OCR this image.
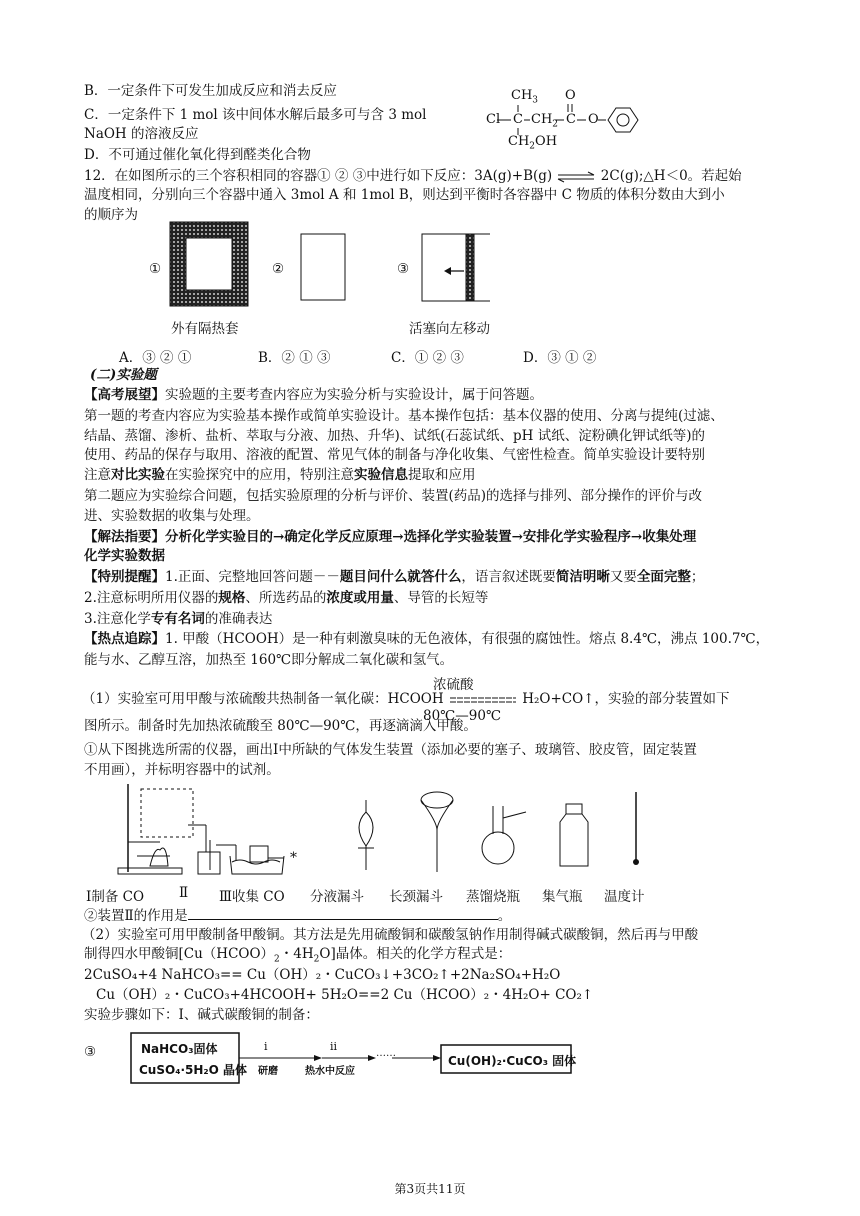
B．一定条件下可发生加成反应和消去反应
C．一定条件下 1 mol 该中间体水解后最多可与含 3 mol
NaOH 的溶液反应
D．不可通过催化氧化得到醛类化合物
$CH_3$ O
Cl C $CH_2$ C O
$CH_2OH$
12．在如图所示的三个容积相同的容器① ② ③中进行如下反应：3A(g)+B(g) ⇌ 2C(g);△H＜0。若起始
温度相同，分别向三个容器中通入 3mol A 和 1mol B，则达到平衡时各容器中 C 物质的体积分数由大到小
的顺序为
①	②	③
外有隔热套	活塞向左移动
A．③ ② ①	B．② ① ③	C．① ② ③	D．③ ① ②
(二)实验题
【高考展望】实验题的主要考查内容应为实验分析与实验设计，属于问答题。
第一题的考查内容应为实验基本操作或简单实验设计。基本操作包括：基本仪器的使用、分离与提纯(过滤、
结晶、蒸馏、渗析、盐析、萃取与分液、加热、升华)、试纸(石蕊试纸、pH 试纸、淀粉碘化钾试纸等)的
使用、药品的保存与取用、溶液的配置、常见气体的制备与净化收集、气密性检查。简单实验设计要特别
注意对比实验在实验探究中的应用，特别注意实验信息提取和应用
第二题应为实验综合问题，包括实验原理的分析与评价、装置(药品)的选择与排列、部分操作的评价与改
进、实验数据的收集与处理。
【解法指要】分析化学实验目的→确定化学反应原理→选择化学实验装置→安排化学实验程序→收集处理
化学实验数据
【特别提醒】1.正面、完整地回答问题－－题目问什么就答什么，语言叙述既要简洁明晰又要全面完整；
2.注意标明所用仪器的规格、所选药品的浓度或用量、导管的长短等
3.注意化学专有名词的准确表达
【热点追踪】1. 甲酸（HCOOH）是一种有刺激臭味的无色液体，有很强的腐蚀性。熔点 8.4℃，沸点 100.7℃，
能与水、乙醇互溶，加热至 160℃即分解成二氧化碳和氢气。
浓硫酸
（1）实验室可用甲酸与浓硫酸共热制备一氧化碳：HCOOH	H₂O+CO↑，实验的部分装置如下
80℃—90℃
图所示。制备时先加热浓硫酸至 80℃—90℃，再逐滴滴入甲酸。
①从下图挑选所需的仪器，画出Ⅰ中所缺的气体发生装置（添加必要的塞子、玻璃管、胶皮管，固定装置
不用画），并标明容器中的试剂。
*
Ⅰ制备 CO	Ⅱ Ⅲ收集 CO 分液漏斗 长颈漏斗 蒸馏烧瓶 集气瓶 温度计
②装置Ⅱ的作用是	。
（2）实验室可用甲酸制备甲酸铜。其方法是先用硫酸铜和碳酸氢钠作用制得碱式碳酸铜，然后再与甲酸
制得四水甲酸铜[$Cu(HCOO)_2$・$4H_2O$]晶体。相关的化学方程式是：
2CuSO₄+4 NaHCO₃== Cu（OH）₂・CuCO₃↓+3CO₂↑+2Na₂SO₄+H₂O
Cu（OH）₂・CuCO₃+4HCOOH+ 5H₂O==2 Cu（HCOO）₂・4H₂O+ CO₂↑
实验步骤如下：Ⅰ、碱式碳酸铜的制备：
③	NaHCO₃固体
CuSO₄·5H₂O 晶体
i
研磨
ii
热水中反应
……
Cu(OH)₂·CuCO₃ 固体
第3页共11页
